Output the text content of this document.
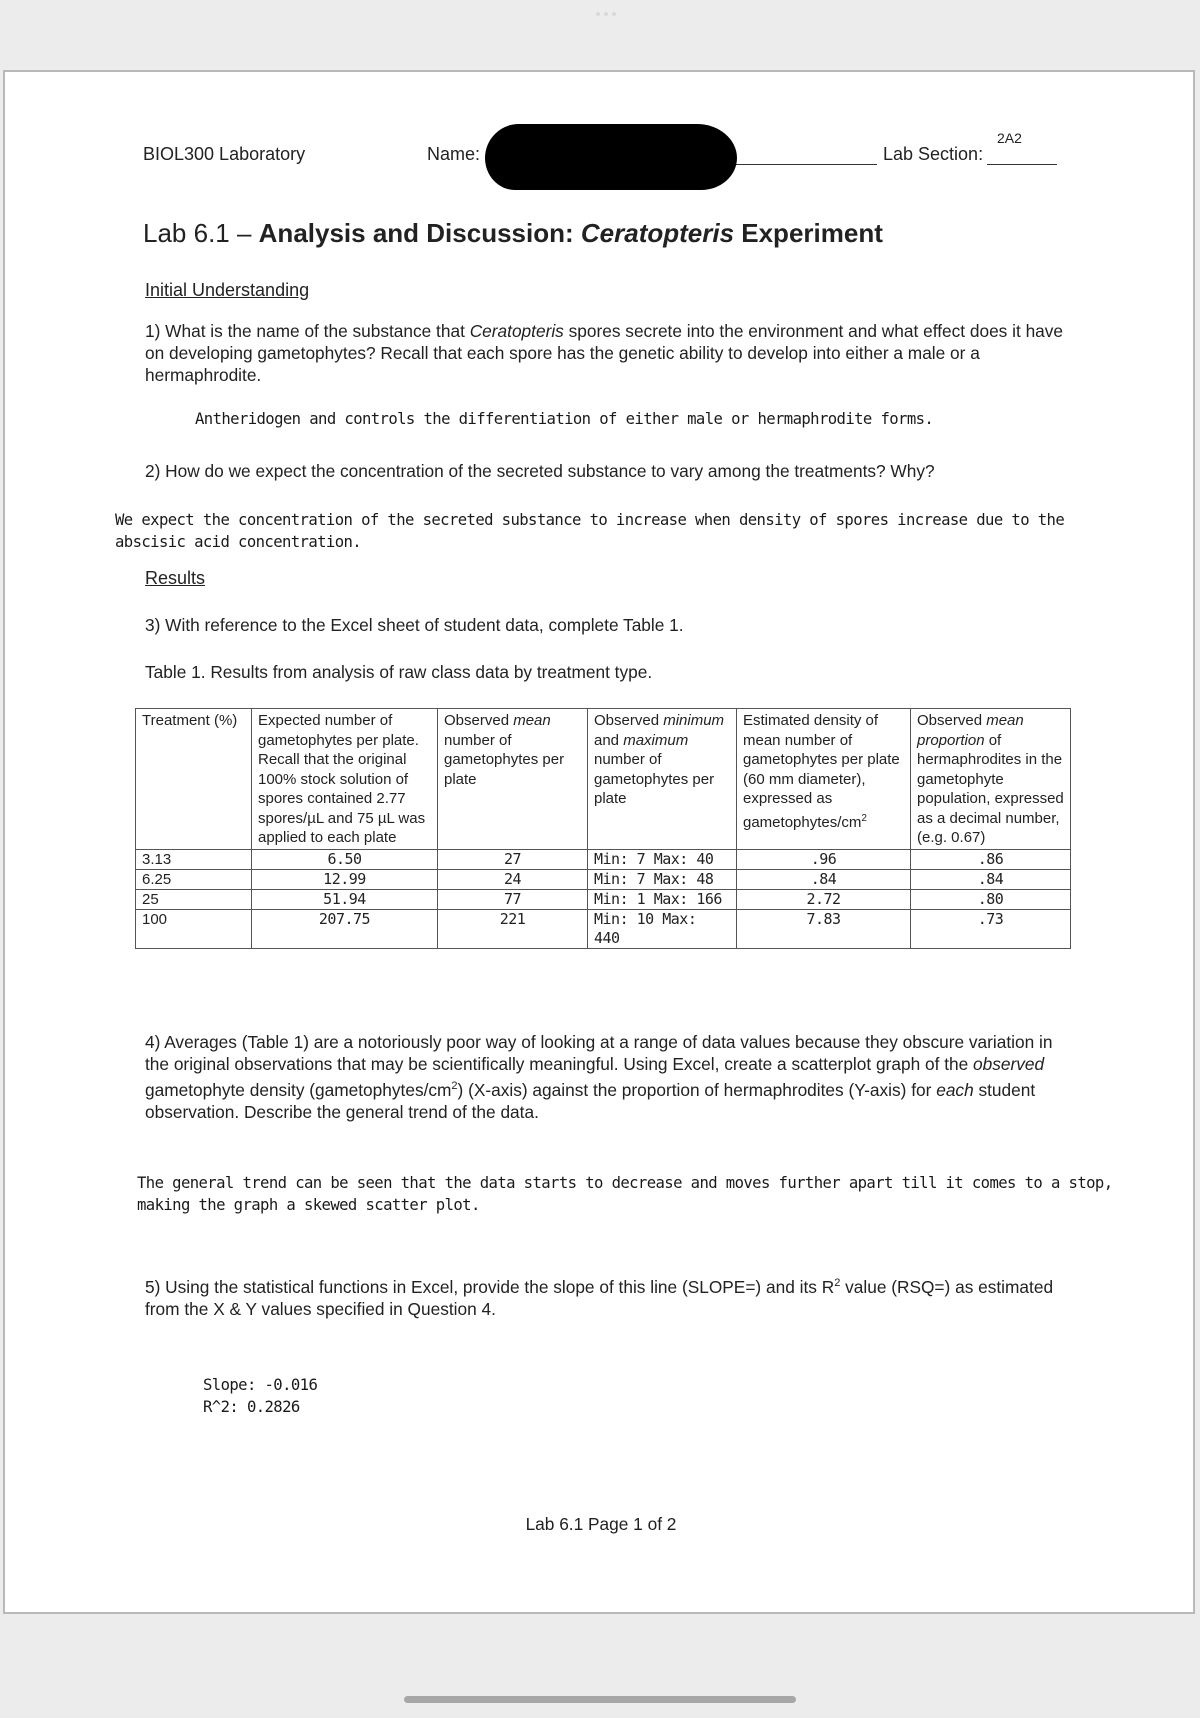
BIOL300 Laboratory	Name:	Lab Section:
2A2
Lab 6.1 – Analysis and Discussion: Ceratopteris Experiment
Initial Understanding
1) What is the name of the substance that Ceratopteris spores secrete into the environment and what effect does it have on developing gametophytes? Recall that each spore has the genetic ability to develop into either a male or a hermaphrodite.
Antheridogen and controls the differentiation of either male or hermaphrodite forms.
2) How do we expect the concentration of the secreted substance to vary among the treatments? Why?
We expect the concentration of the secreted substance to increase when density of spores increase due to the abscisic acid concentration.
Results
3) With reference to the Excel sheet of student data, complete Table 1.
Table 1. Results from analysis of raw class data by treatment type.
Treatment (%)	Expected number of gametophytes per plate. Recall that the original 100% stock solution of spores contained 2.77 spores/µL and 75 µL was applied to each plate	Observed mean number of gametophytes per plate	Observed minimum and maximum number of gametophytes per plate	Estimated density of mean number of gametophytes per plate (60 mm diameter), expressed as gametophytes/$cm^2$	Observed mean proportion of hermaphrodites in the gametophyte population, expressed as a decimal number, (e.g. 0.67)
3.13	6.50	27	Min: 7 Max: 40	.96	.86
6.25	12.99	24	Min: 7 Max: 48	.84	.84
25	51.94	77	Min: 1 Max: 166	2.72	.80
100	207.75	221	Min: 10 Max: 440	7.83	.73
4) Averages (Table 1) are a notoriously poor way of looking at a range of data values because they obscure variation in the original observations that may be scientifically meaningful. Using Excel, create a scatterplot graph of the observed gametophyte density $(gametophytes/cm^2)$ (X-axis) against the proportion of hermaphrodites (Y-axis) for each student observation. Describe the general trend of the data.
The general trend can be seen that the data starts to decrease and moves further apart till it comes to a stop, making the graph a skewed scatter plot.
5) Using the statistical functions in Excel, provide the slope of this line (SLOPE=) and its $R^2$ value (RSQ=) as estimated from the X & Y values specified in Question 4.
Slope: -0.016
R^2: 0.2826
Lab 6.1 Page 1 of 2
